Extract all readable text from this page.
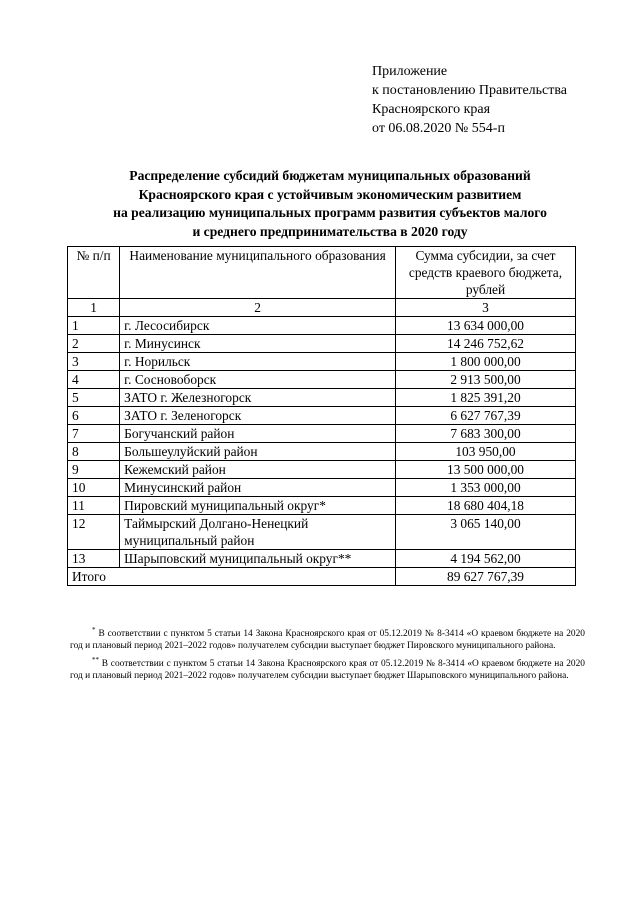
Приложение
к постановлению Правительства
Красноярского края
от 06.08.2020 № 554-п
Распределение субсидий бюджетам муниципальных образований
Красноярского края с устойчивым экономическим развитием
на реализацию муниципальных программ развития субъектов малого
и среднего предпринимательства в 2020 году
№ п/п	Наименование муниципального образования	Сумма субсидии, за счет средств краевого бюджета, рублей
1	2	3
1	г. Лесосибирск	13 634 000,00
2	г. Минусинск	14 246 752,62
3	г. Норильск	1 800 000,00
4	г. Сосновоборск	2 913 500,00
5	ЗАТО г. Железногорск	1 825 391,20
6	ЗАТО г. Зеленогорск	6 627 767,39
7	Богучанский район	7 683 300,00
8	Большеулуйский район	103 950,00
9	Кежемский район	13 500 000,00
10	Минусинский район	1 353 000,00
11	Пировский муниципальный округ*	18 680 404,18
12	Таймырский Долгано-Ненецкий муниципальный район	3 065 140,00
13	Шарыповский муниципальный округ**	4 194 562,00
Итого		89 627 767,39

* В соответствии с пунктом 5 статьи 14 Закона Красноярского края от 05.12.2019 № 8-3414 «О краевом бюджете на 2020 год и плановый период 2021–2022 годов» получателем субсидии выступает бюджет Пировского муниципального района.

** В соответствии с пунктом 5 статьи 14 Закона Красноярского края от 05.12.2019 № 8-3414 «О краевом бюджете на 2020 год и плановый период 2021–2022 годов» получателем субсидии выступает бюджет Шарыповского муниципального района.
